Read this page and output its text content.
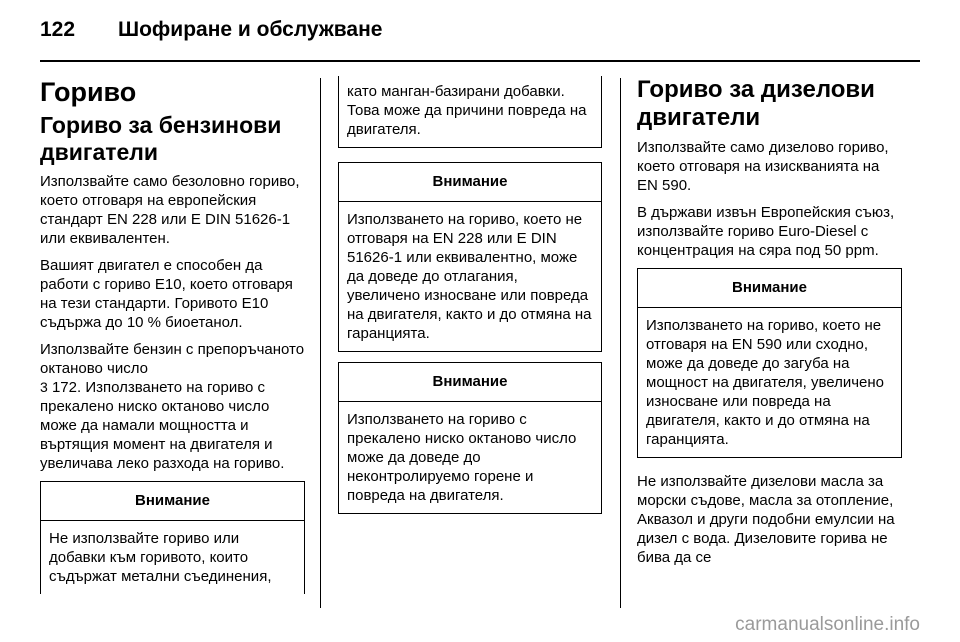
122 Шофиране и обслужване
Гориво
Гориво за бензинови двигатели

Използвайте само безоловно гориво, което отговаря на европейския стандарт EN 228 или E DIN 51626-1 или еквивалентен.

Вашият двигател е способен да работи с гориво E10, което отговаря на тези стандарти. Горивото E10 съдържа до 10 % биоетанол.

Използвайте бензин с препоръчаното октаново число
3 172. Използването на гориво с прекалено ниско октаново число може да намали мощността и въртящия момент на двигателя и увеличава леко разхода на гориво.

Внимание
Не използвайте гориво или добавки към горивото, които съдържат метални съединения,
като манган-базирани добавки. Това може да причини повреда на двигателя.
Внимание
Използването на гориво, което не отговаря на EN 228 или E DIN 51626-1 или еквивалентно, може да доведе до отлагания, увеличено износване или повреда на двигателя, както и до отмяна на гаранцията.
Внимание
Използването на гориво с прекалено ниско октаново число може да доведе до неконтролируемо горене и повреда на двигателя.
Гориво за дизелови двигатели

Използвайте само дизелово гориво, което отговаря на изискванията на EN 590.

В държави извън Европейския съюз, използвайте гориво Euro-Diesel с концентрация на сяра под 50 ppm.

Внимание
Използването на гориво, което не отговаря на EN 590 или сходно, може да доведе до загуба на мощност на двигателя, увеличено износване или повреда на двигателя, както и до отмяна на гаранцията.

Не използвайте дизелови масла за морски съдове, масла за отопление, Аквазол и други подобни емулсии на дизел с вода. Дизеловите горива не бива да се

carmanualsonline.info
